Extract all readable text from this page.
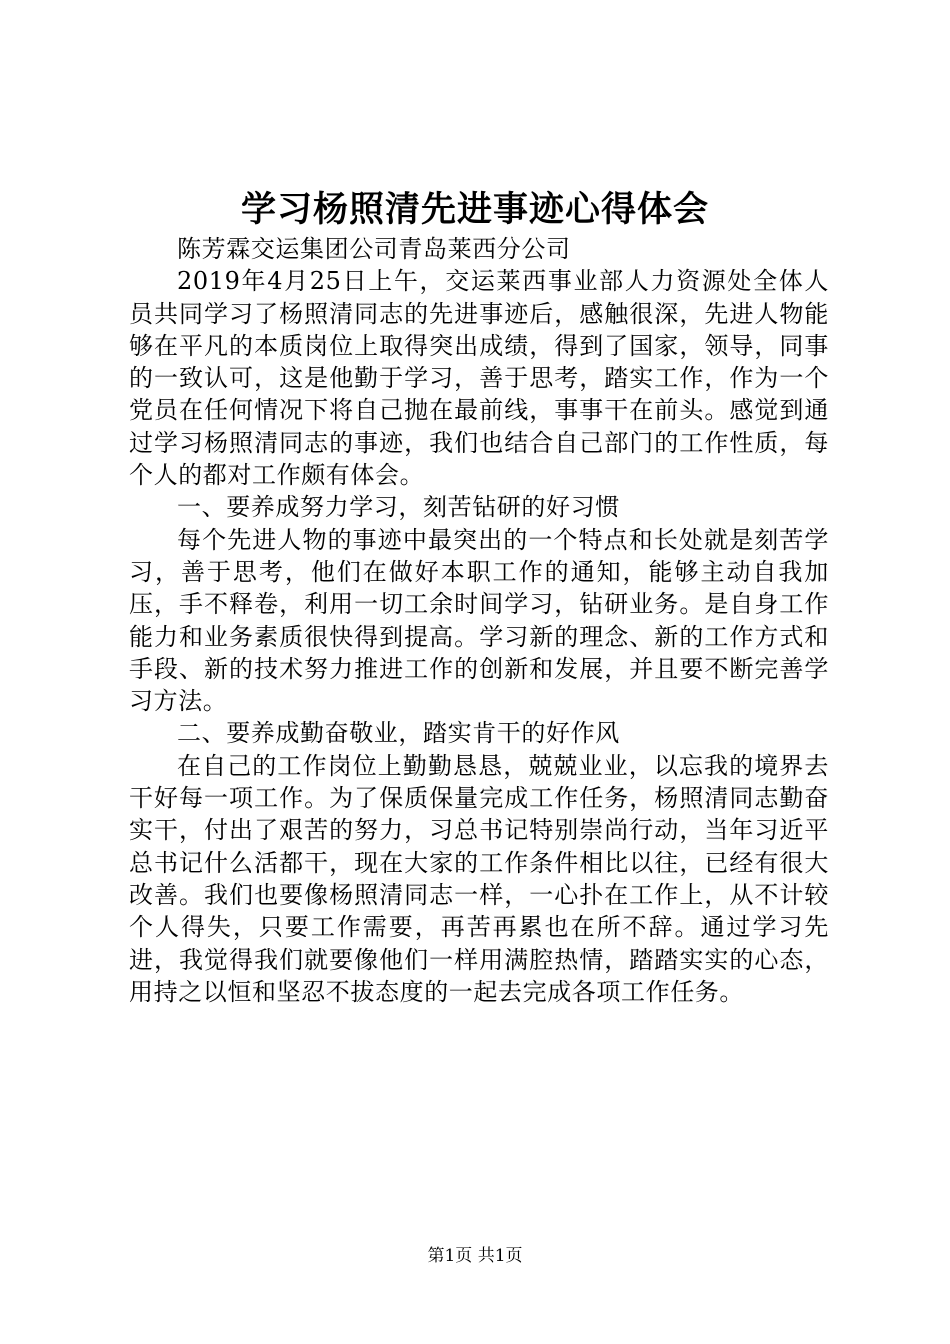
学习杨照清先进事迹心得体会

陈芳霖交运集团公司青岛莱西分公司

2019年4月25日上午，交运莱西事业部人力资源处全体人员共同学习了杨照清同志的先进事迹后，感触很深，先进人物能够在平凡的本质岗位上取得突出成绩，得到了国家，领导，同事的一致认可，这是他勤于学习，善于思考，踏实工作，作为一个党员在任何情况下将自己抛在最前线，事事干在前头。感觉到通过学习杨照清同志的事迹，我们也结合自己部门的工作性质，每个人的都对工作颇有体会。

一、要养成努力学习，刻苦钻研的好习惯

每个先进人物的事迹中最突出的一个特点和长处就是刻苦学习，善于思考，他们在做好本职工作的通知，能够主动自我加压，手不释卷，利用一切工余时间学习，钻研业务。是自身工作能力和业务素质很快得到提高。学习新的理念、新的工作方式和手段、新的技术努力推进工作的创新和发展，并且要不断完善学习方法。

二、要养成勤奋敬业，踏实肯干的好作风

在自己的工作岗位上勤勤恳恳，兢兢业业，以忘我的境界去干好每一项工作。为了保质保量完成工作任务，杨照清同志勤奋实干，付出了艰苦的努力，习总书记特别崇尚行动，当年习近平总书记什么活都干，现在大家的工作条件相比以往，已经有很大改善。我们也要像杨照清同志一样，一心扑在工作上，从不计较个人得失，只要工作需要，再苦再累也在所不辞。通过学习先进，我觉得我们就要像他们一样用满腔热情，踏踏实实的心态，用持之以恒和坚忍不拔态度的一起去完成各项工作任务。

第1页 共1页
